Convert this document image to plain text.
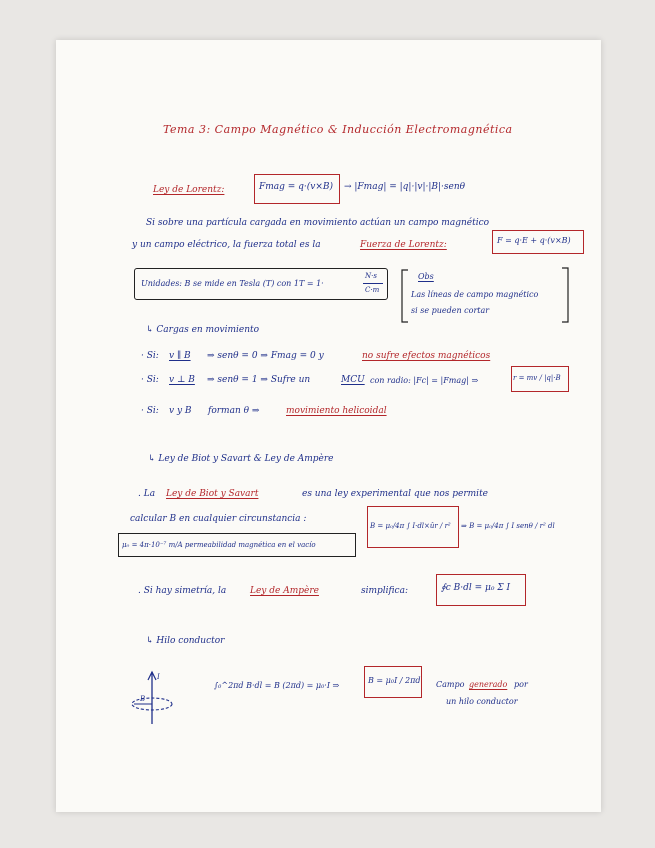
Tema 3: Campo Magnético & Inducción Electromagnética
Ley de Lorentz:	Fmag = q·(v×B) → |Fmag| = |q|·|v|·|B|·senθ
Si sobre una partícula cargada en movimiento actúan un campo magnético
y un campo eléctrico, la fuerza total es la	Fuerza de Lorentz:	F = q·E + q·(v×B)
Unidades: B se mide en Tesla (T) con 1T = 1·
N·s
C·m
Obs
Las líneas de campo magnético
si se pueden cortar
↳ Cargas en movimiento
· Si: v ∥ B ⇒ senθ = 0 ⇒ Fmag = 0 y	no sufre efectos magnéticos
· Si: v ⊥ B ⇒ senθ = 1 ⇒ Sufre un	MCU con radio: |Fc| = |Fmag| ⇒	r = mv / |q|·B
· Si: v y B forman θ ⇒	movimiento helicoidal
↳ Ley de Biot y Savart & Ley de Ampère
. La Ley de Biot y Savart	es una ley experimental que nos permite
calcular B en cualquier circunstancia :
B = μ₀/4π ∫ I·dl×ûr / r² ⇒ B = μ₀/4π ∫ I senθ / r² dl
μ₀ = 4π·10⁻⁷ m/A permeabilidad magnética en el vacío
. Si hay simetría, la	Ley de Ampère	simplifica:	∮c B·dl = μ₀ Σ I
↳ Hilo conductor
∫₀^2πd B·dl = B (2πd) = μ₀·I ⇒
B = μ₀I / 2πd Campo generado por
un hilo conductor
I
B
